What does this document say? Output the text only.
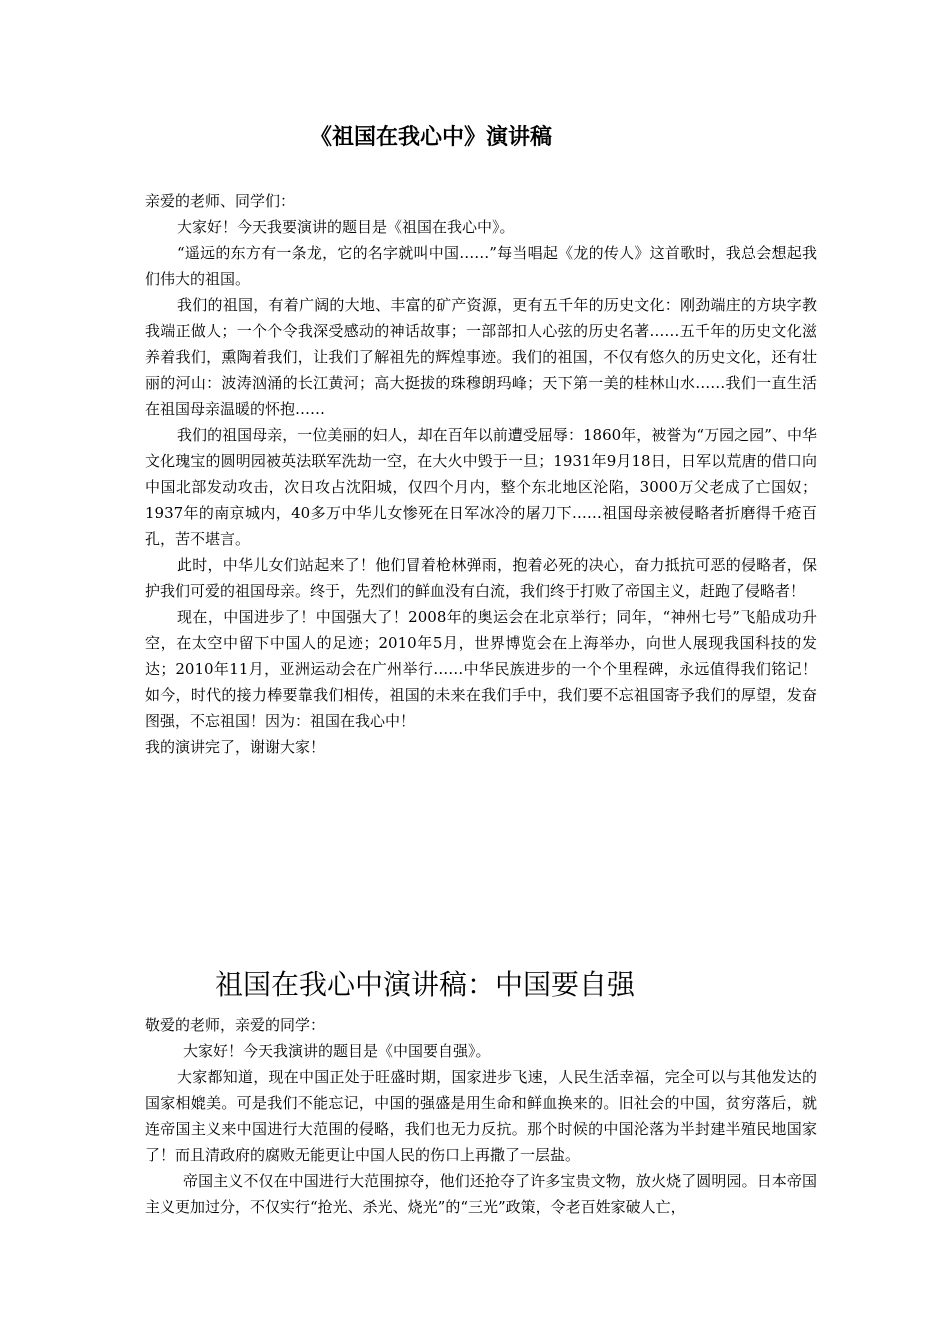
《祖国在我心中》演讲稿

亲爱的老师、同学们：

大家好！今天我要演讲的题目是《祖国在我心中》。

“遥远的东方有一条龙，它的名字就叫中国……”每当唱起《龙的传人》这首歌时，我总会想起我们伟大的祖国。

我们的祖国，有着广阔的大地、丰富的矿产资源，更有五千年的历史文化：刚劲端庄的方块字教我端正做人；一个个令我深受感动的神话故事；一部部扣人心弦的历史名著……五千年的历史文化滋养着我们，熏陶着我们，让我们了解祖先的辉煌事迹。我们的祖国，不仅有悠久的历史文化，还有壮丽的河山：波涛汹涌的长江黄河；高大挺拔的珠穆朗玛峰；天下第一美的桂林山水……我们一直生活在祖国母亲温暖的怀抱……

我们的祖国母亲，一位美丽的妇人，却在百年以前遭受屈辱：1860年，被誉为“万园之园”、中华文化瑰宝的圆明园被英法联军洗劫一空，在大火中毁于一旦；1931年9月18日，日军以荒唐的借口向中国北部发动攻击，次日攻占沈阳城，仅四个月内，整个东北地区沦陷，3000万父老成了亡国奴；1937年的南京城内，40多万中华儿女惨死在日军冰冷的屠刀下……祖国母亲被侵略者折磨得千疮百孔，苦不堪言。

此时，中华儿女们站起来了！他们冒着枪林弹雨，抱着必死的决心，奋力抵抗可恶的侵略者，保护我们可爱的祖国母亲。终于，先烈们的鲜血没有白流，我们终于打败了帝国主义，赶跑了侵略者！

现在，中国进步了！中国强大了！2008年的奥运会在北京举行；同年，“神州七号”飞船成功升空，在太空中留下中国人的足迹；2010年5月，世界博览会在上海举办，向世人展现我国科技的发达；2010年11月，亚洲运动会在广州举行……中华民族进步的一个个里程碑，永远值得我们铭记！如今，时代的接力棒要靠我们相传，祖国的未来在我们手中，我们要不忘祖国寄予我们的厚望，发奋图强，不忘祖国！因为：祖国在我心中！

我的演讲完了，谢谢大家！

祖国在我心中演讲稿：中国要自强

敬爱的老师，亲爱的同学：

大家好！今天我演讲的题目是《中国要自强》。

大家都知道，现在中国正处于旺盛时期，国家进步飞速，人民生活幸福，完全可以与其他发达的国家相媲美。可是我们不能忘记，中国的强盛是用生命和鲜血换来的。旧社会的中国，贫穷落后，就连帝国主义来中国进行大范围的侵略，我们也无力反抗。那个时候的中国沦落为半封建半殖民地国家了！而且清政府的腐败无能更让中国人民的伤口上再撒了一层盐。

帝国主义不仅在中国进行大范围掠夺，他们还抢夺了许多宝贵文物，放火烧了圆明园。日本帝国主义更加过分，不仅实行“抢光、杀光、烧光”的“三光”政策，令老百姓家破人亡，
